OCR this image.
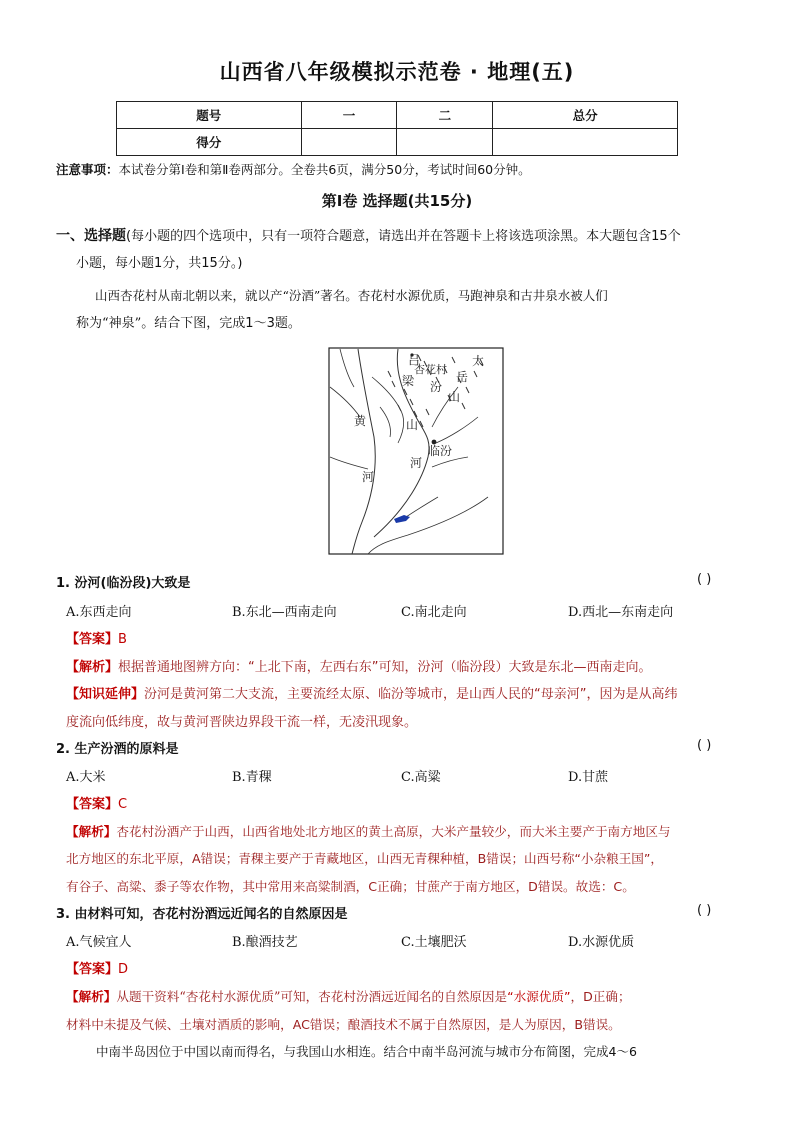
山西省八年级模拟示范卷 · 地理(五)
题号	一	二	总分
得分			
注意事项：本试卷分第Ⅰ卷和第Ⅱ卷两部分。全卷共6页，满分50分，考试时间60分钟。
第Ⅰ卷 选择题(共15分)
一、选择题(每小题的四个选项中，只有一项符合题意，请选出并在答题卡上将该选项涂黑。本大题包含15个
小题，每小题1分，共15分。)
山西杏花村从南北朝以来，就以产“汾酒”著名。杏花村水源优质，马跑神泉和古井泉水被人们
称为“神泉”。结合下图，完成1～3题。
吕
杏花村
梁 汾
太
岳
山
山
黄
河
临汾
河
1. 汾河(临汾段)大致是	( )
A.东西走向	B.东北—西南走向	C.南北走向	D.西北—东南走向
【答案】B
【解析】根据普通地图辨方向：“上北下南，左西右东”可知，汾河（临汾段）大致是东北—西南走向。
【知识延伸】汾河是黄河第二大支流，主要流经太原、临汾等城市，是山西人民的“母亲河”，因为是从高纬
度流向低纬度，故与黄河晋陕边界段干流一样，无凌汛现象。
2. 生产汾酒的原料是	( )
A.大米	B.青稞	C.高粱	D.甘蔗
【答案】C
【解析】杏花村汾酒产于山西，山西省地处北方地区的黄土高原，大米产量较少，而大米主要产于南方地区与
北方地区的东北平原，A错误；青稞主要产于青藏地区，山西无青稞种植，B错误；山西号称“小杂粮王国”，
有谷子、高粱、黍子等农作物，其中常用来高粱制酒，C正确；甘蔗产于南方地区，D错误。故选：C。
3. 由材料可知，杏花村汾酒远近闻名的自然原因是	( )
A.气候宜人	B.酿酒技艺	C.土壤肥沃	D.水源优质
【答案】D
【解析】从题干资料“杏花村水源优质”可知，杏花村汾酒远近闻名的自然原因是“水源优质”，D正确；
材料中未提及气候、土壤对酒质的影响，AC错误；酿酒技术不属于自然原因，是人为原因，B错误。
中南半岛因位于中国以南而得名，与我国山水相连。结合中南半岛河流与城市分布简图，完成4～6
